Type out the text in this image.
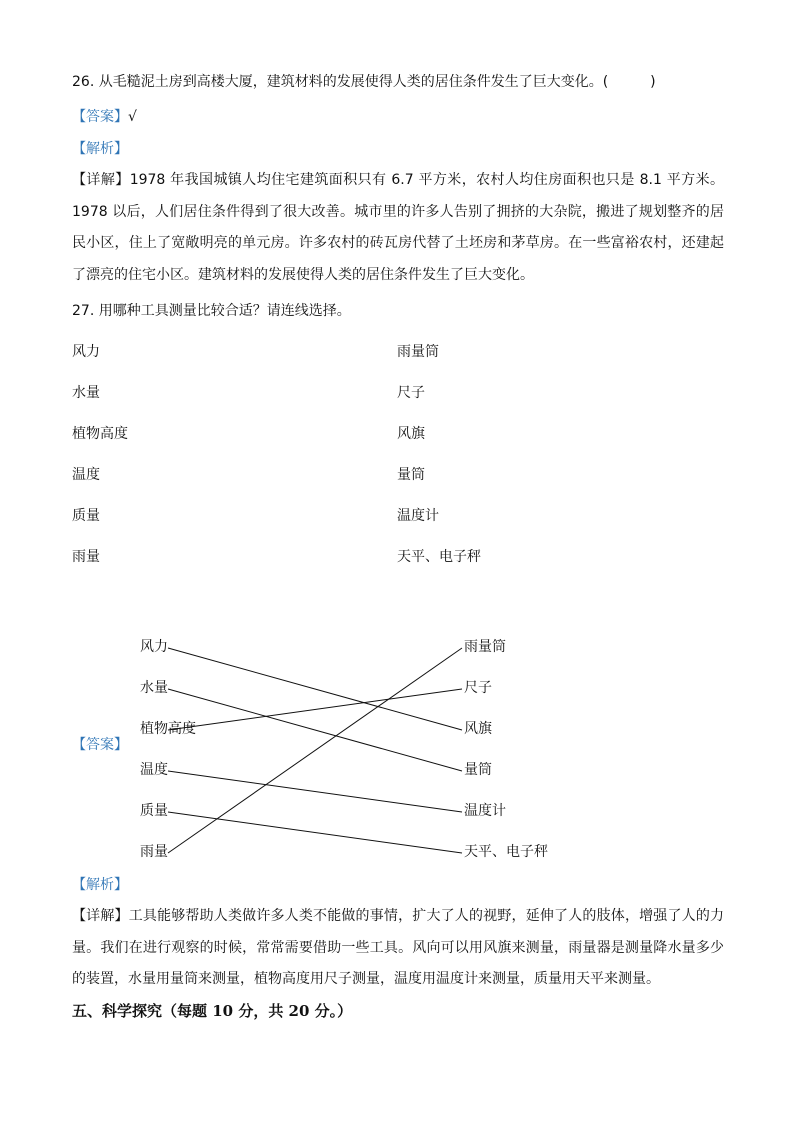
26. 从毛糙泥土房到高楼大厦，建筑材料的发展使得人类的居住条件发生了巨大变化。(　　　)
【答案】√
【解析】
【详解】1978 年我国城镇人均住宅建筑面积只有 6.7 平方米，农村人均住房面积也只是 8.1 平方米。1978 以后，人们居住条件得到了很大改善。城市里的许多人告别了拥挤的大杂院，搬进了规划整齐的居民小区，住上了宽敞明亮的单元房。许多农村的砖瓦房代替了土坯房和茅草房。在一些富裕农村，还建起了漂亮的住宅小区。建筑材料的发展使得人类的居住条件发生了巨大变化。
27. 用哪种工具测量比较合适？请连线选择。
风力
水量
植物高度
温度
质量
雨量
雨量筒
尺子
风旗
量筒
温度计
天平、电子秤
【答案】
风力
水量
植物高度
温度
质量
雨量
雨量筒
尺子
风旗
量筒
温度计
天平、电子秤
【解析】
【详解】工具能够帮助人类做许多人类不能做的事情，扩大了人的视野，延伸了人的肢体，增强了人的力量。我们在进行观察的时候，常常需要借助一些工具。风向可以用风旗来测量，雨量器是测量降水量多少的装置，水量用量筒来测量，植物高度用尺子测量，温度用温度计来测量，质量用天平来测量。
五、科学探究（每题 10 分，共 20 分。）
